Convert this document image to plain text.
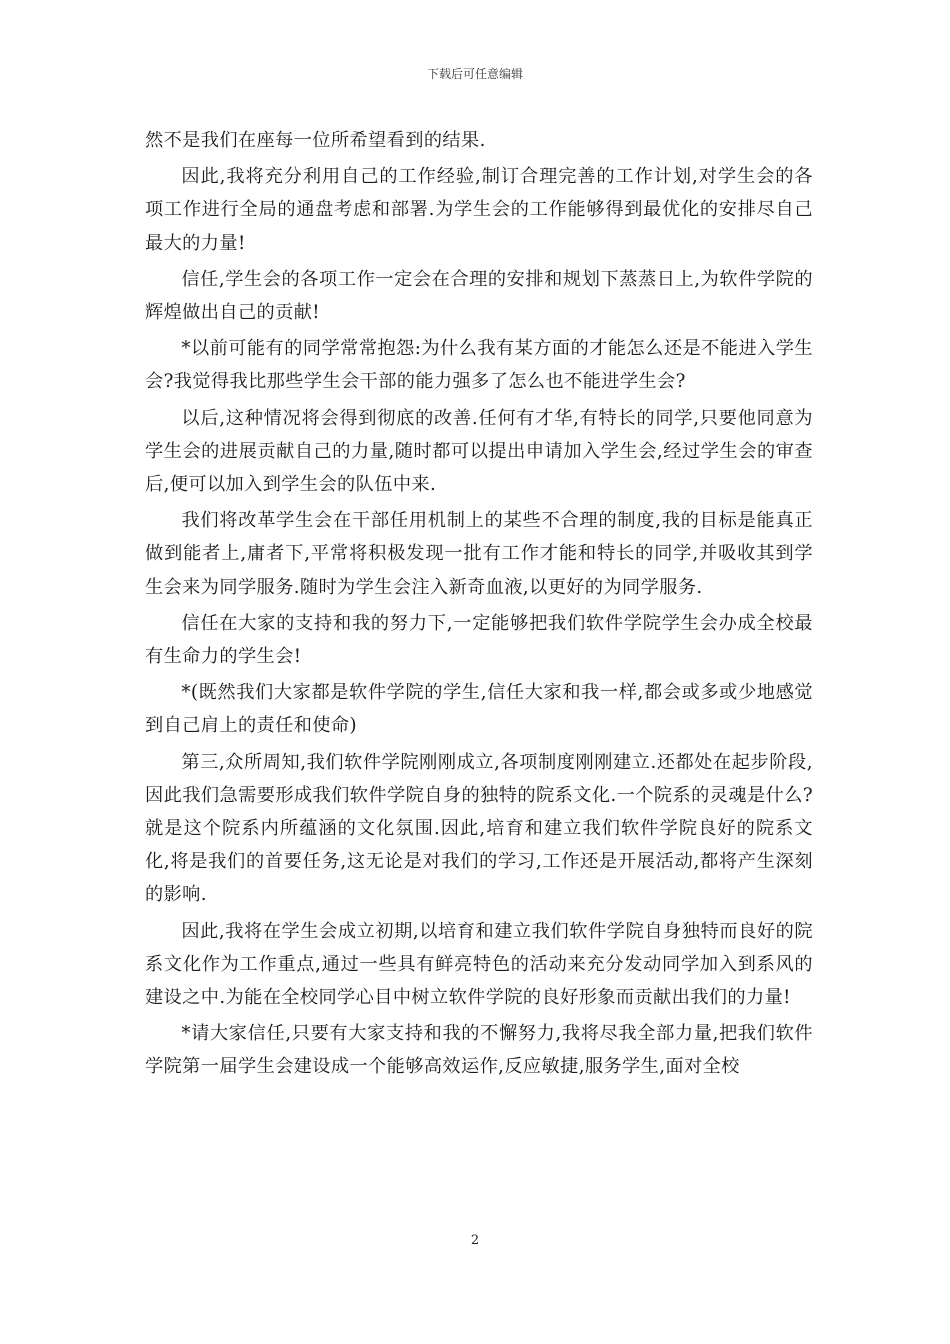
下载后可任意编辑

然不是我们在座每一位所希望看到的结果.

因此,我将充分利用自己的工作经验,制订合理完善的工作计划,对学生会的各项工作进行全局的通盘考虑和部署.为学生会的工作能够得到最优化的安排尽自己最大的力量!

信任,学生会的各项工作一定会在合理的安排和规划下蒸蒸日上,为软件学院的辉煌做出自己的贡献!

*以前可能有的同学常常抱怨:为什么我有某方面的才能怎么还是不能进入学生会?我觉得我比那些学生会干部的能力强多了怎么也不能进学生会?

以后,这种情况将会得到彻底的改善.任何有才华,有特长的同学,只要他同意为学生会的进展贡献自己的力量,随时都可以提出申请加入学生会,经过学生会的审查后,便可以加入到学生会的队伍中来.

我们将改革学生会在干部任用机制上的某些不合理的制度,我的目标是能真正做到能者上,庸者下,平常将积极发现一批有工作才能和特长的同学,并吸收其到学生会来为同学服务.随时为学生会注入新奇血液,以更好的为同学服务.

信任在大家的支持和我的努力下,一定能够把我们软件学院学生会办成全校最有生命力的学生会!

*(既然我们大家都是软件学院的学生,信任大家和我一样,都会或多或少地感觉到自己肩上的责任和使命)

第三,众所周知,我们软件学院刚刚成立,各项制度刚刚建立.还都处在起步阶段,因此我们急需要形成我们软件学院自身的独特的院系文化.一个院系的灵魂是什么?就是这个院系内所蕴涵的文化氛围.因此,培育和建立我们软件学院良好的院系文化,将是我们的首要任务,这无论是对我们的学习,工作还是开展活动,都将产生深刻的影响.

因此,我将在学生会成立初期,以培育和建立我们软件学院自身独特而良好的院系文化作为工作重点,通过一些具有鲜亮特色的活动来充分发动同学加入到系风的建设之中.为能在全校同学心目中树立软件学院的良好形象而贡献出我们的力量!

*请大家信任,只要有大家支持和我的不懈努力,我将尽我全部力量,把我们软件学院第一届学生会建设成一个能够高效运作,反应敏捷,服务学生,面对全校

2
